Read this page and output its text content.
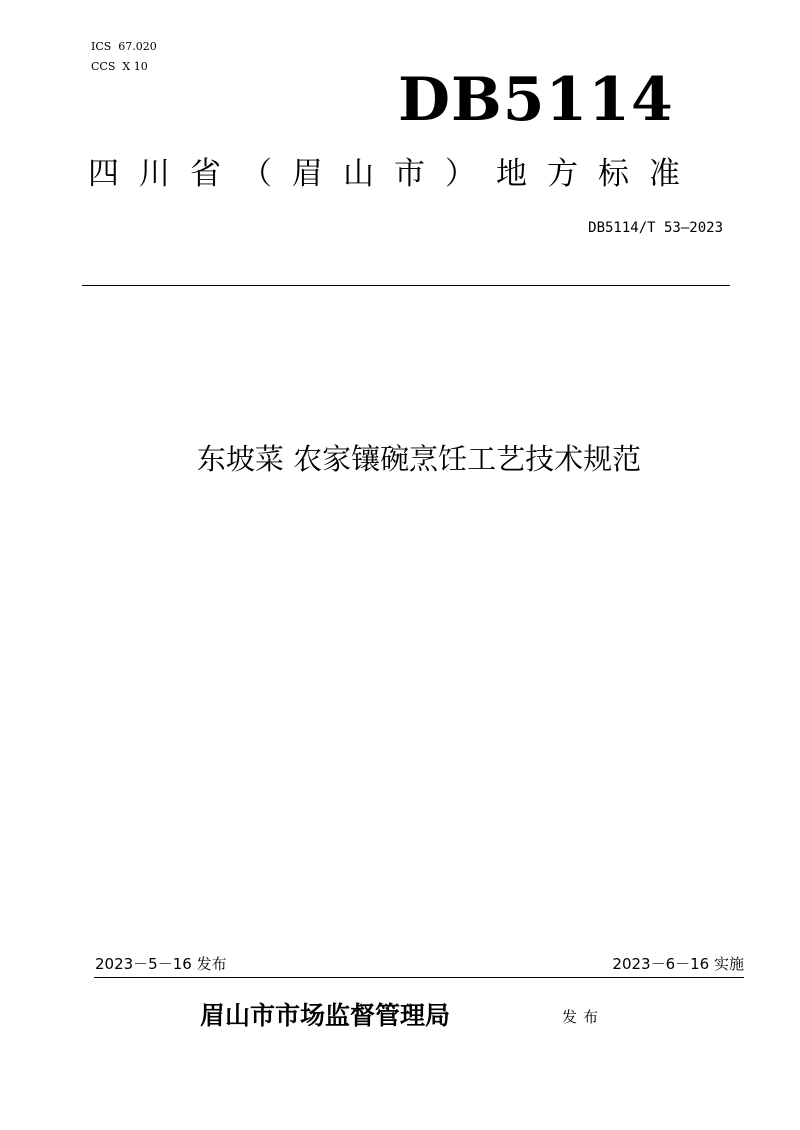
ICS  67.020
CCS  X 10	DB5114
四川省（眉山市）地方标准
DB5114/T 53—2023
东坡菜 农家镶碗烹饪工艺技术规范
2023－5－16 发布	2023－6－16 实施
眉山市市场监督管理局	发布
